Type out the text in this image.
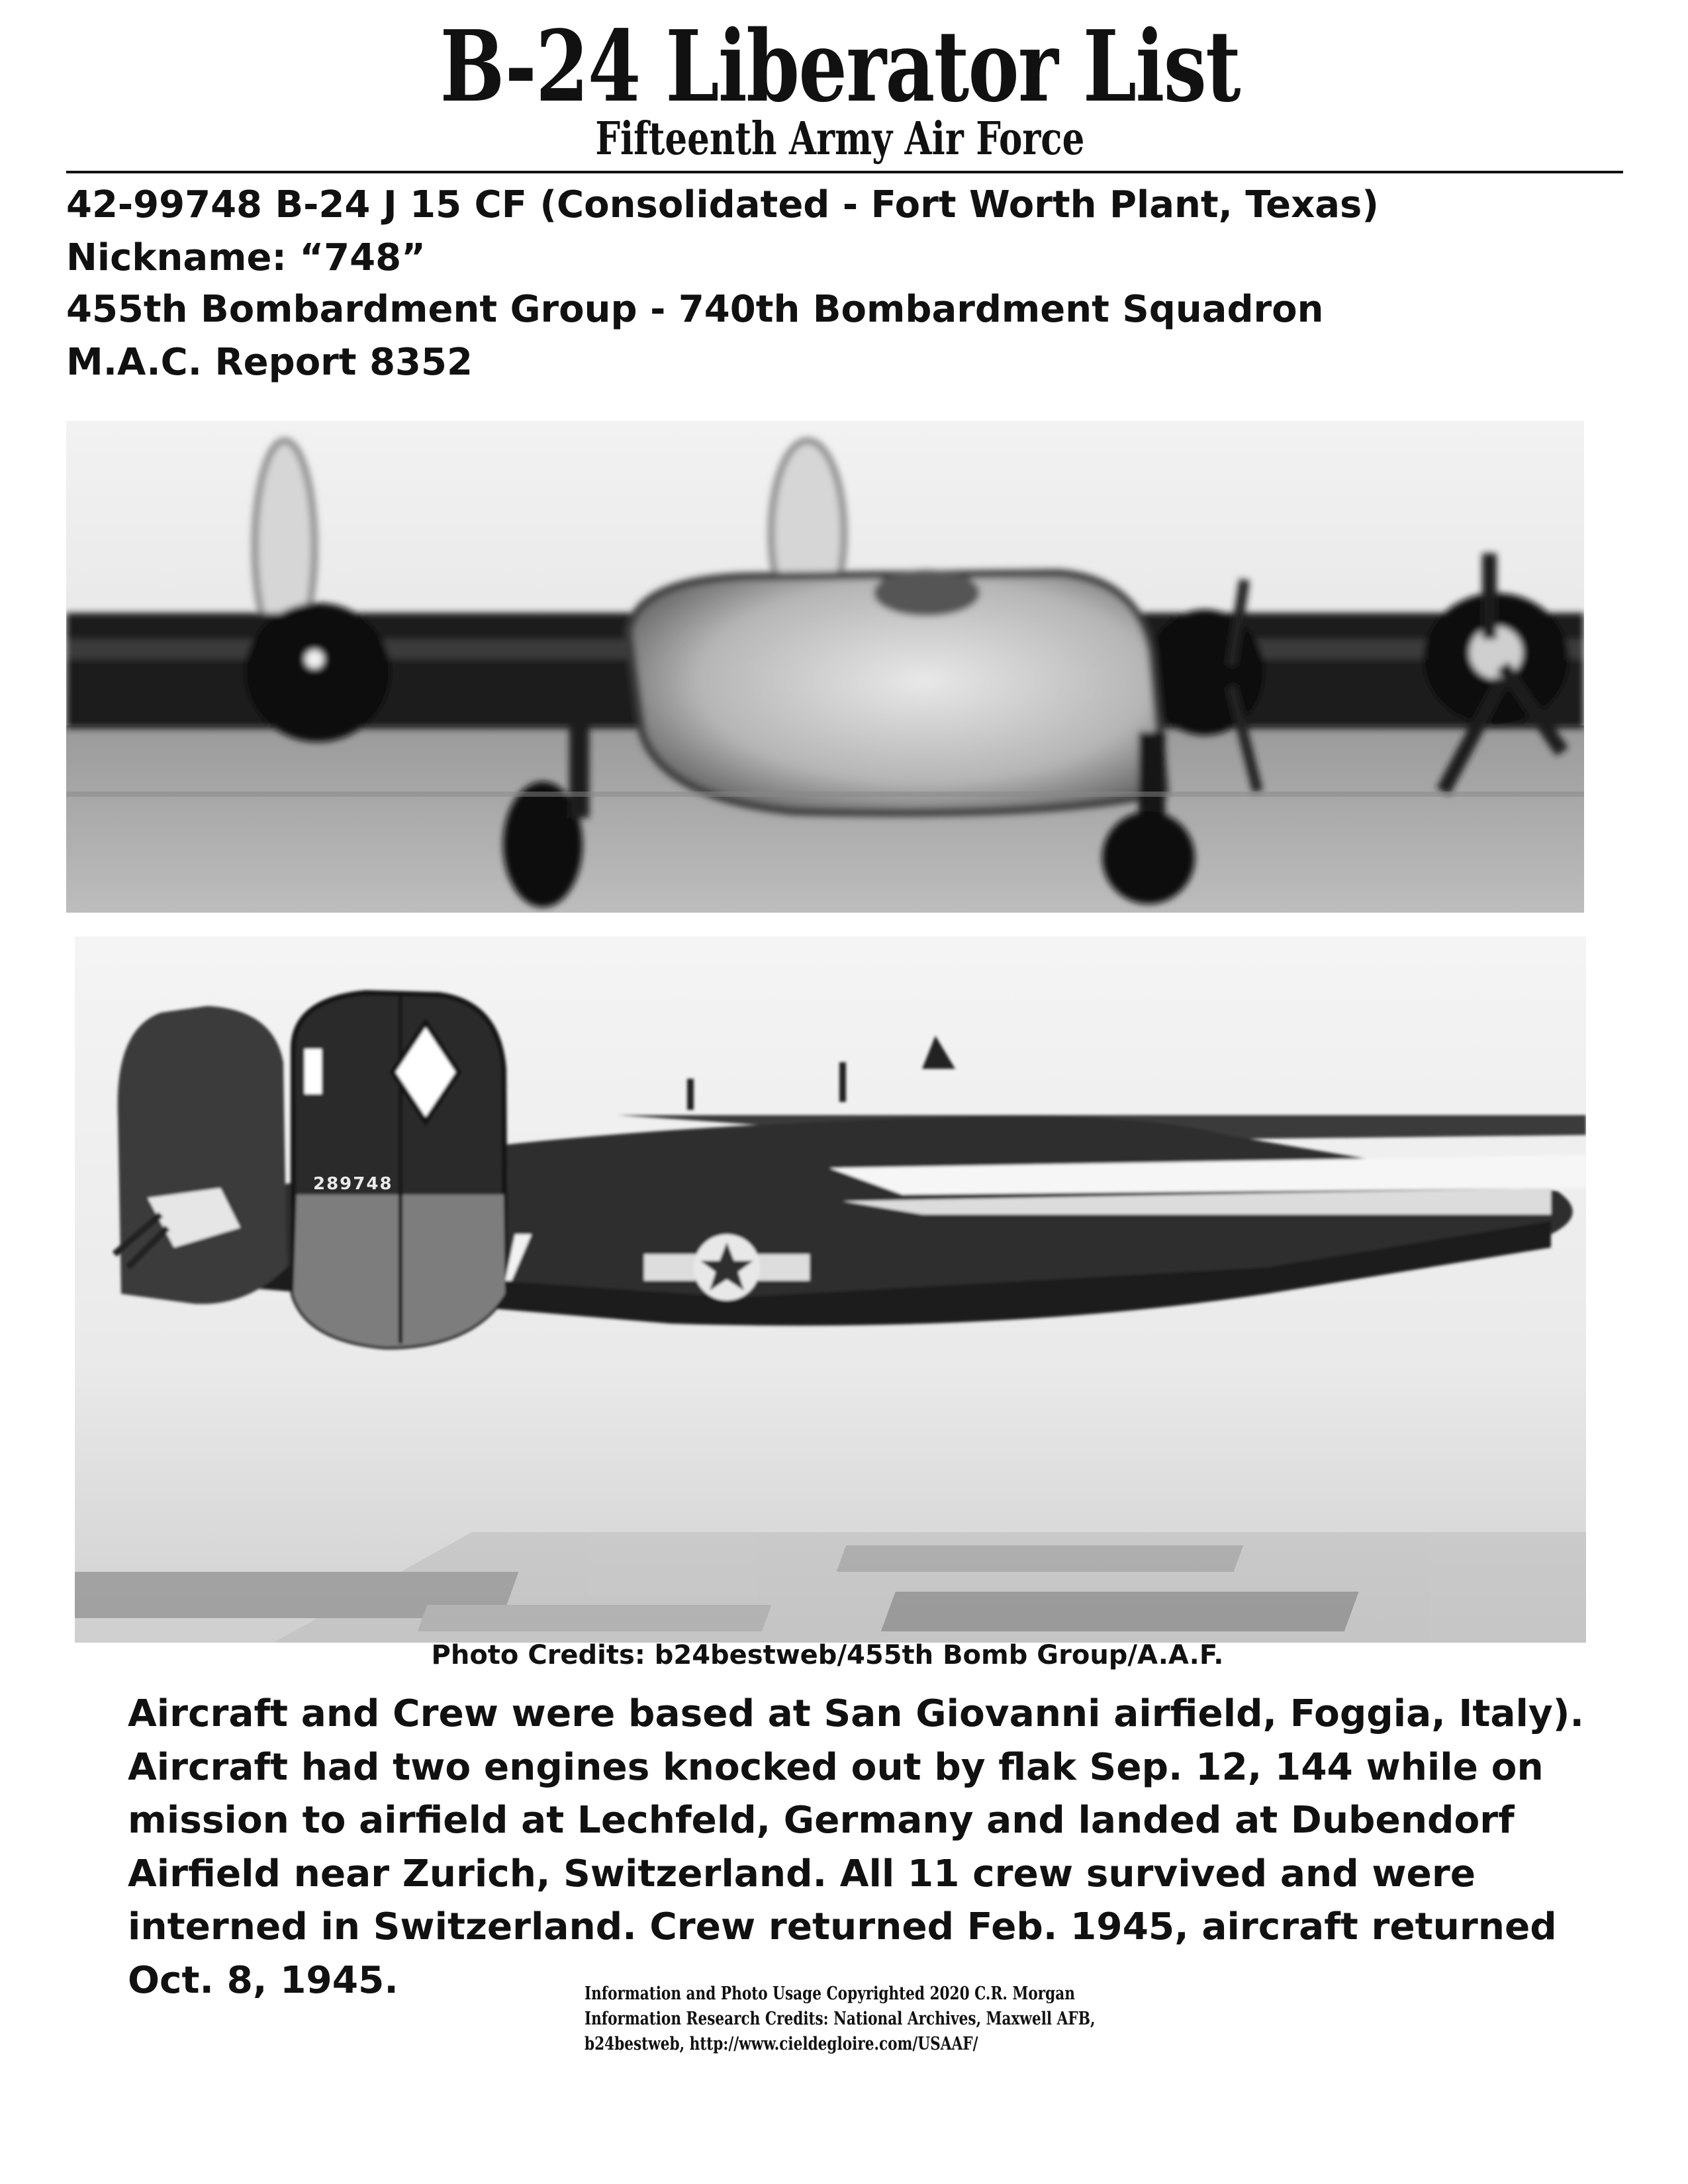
B-24 Liberator List
Fifteenth Army Air Force
42-99748 B-24 J 15 CF (Consolidated - Fort Worth Plant, Texas)
Nickname: “748”
455th Bombardment Group - 740th Bombardment Squadron
M.A.C. Report 8352
289748
Photo Credits: b24bestweb/455th Bomb Group/A.A.F.

Aircraft and Crew were based at San Giovanni airfield, Foggia, Italy). Aircraft had two engines knocked out by flak Sep. 12, 144 while on mission to airfield at Lechfeld, Germany and landed at Dubendorf Airfield near Zurich, Switzerland. All 11 crew survived and were interned in Switzerland. Crew returned Feb. 1945, aircraft returned Oct. 8, 1945.	Information and Photo Usage Copyrighted 2020 C.R. Morgan
Information Research Credits: National Archives, Maxwell AFB,
b24bestweb, http://www.cieldegloire.com/USAAF/
